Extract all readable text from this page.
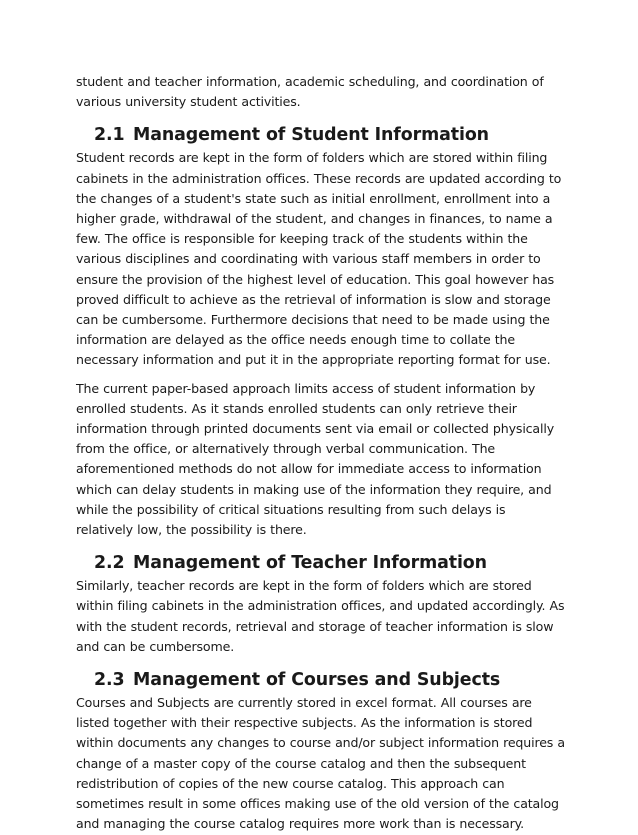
student and teacher information, academic scheduling, and coordination of various university student activities.

2.1 Management of Student Information

Student records are kept in the form of folders which are stored within filing cabinets in the administration offices. These records are updated according to the changes of a student's state such as initial enrollment, enrollment into a higher grade, withdrawal of the student, and changes in finances, to name a few. The office is responsible for keeping track of the students within the various disciplines and coordinating with various staff members in order to ensure the provision of the highest level of education. This goal however has proved difficult to achieve as the retrieval of information is slow and storage can be cumbersome. Furthermore decisions that need to be made using the information are delayed as the office needs enough time to collate the necessary information and put it in the appropriate reporting format for use.

The current paper-based approach limits access of student information by enrolled students. As it stands enrolled students can only retrieve their information through printed documents sent via email or collected physically from the office, or alternatively through verbal communication. The aforementioned methods do not allow for immediate access to information which can delay students in making use of the information they require, and while the possibility of critical situations resulting from such delays is relatively low, the possibility is there.

2.2 Management of Teacher Information

Similarly, teacher records are kept in the form of folders which are stored within filing cabinets in the administration offices, and updated accordingly. As with the student records, retrieval and storage of teacher information is slow and can be cumbersome.

2.3 Management of Courses and Subjects

Courses and Subjects are currently stored in excel format. All courses are listed together with their respective subjects. As the information is stored within documents any changes to course and/or subject information requires a change of a master copy of the course catalog and then the subsequent redistribution of copies of the new course catalog. This approach can sometimes result in some offices making use of the old version of the catalog and managing the course catalog requires more work than is necessary.
